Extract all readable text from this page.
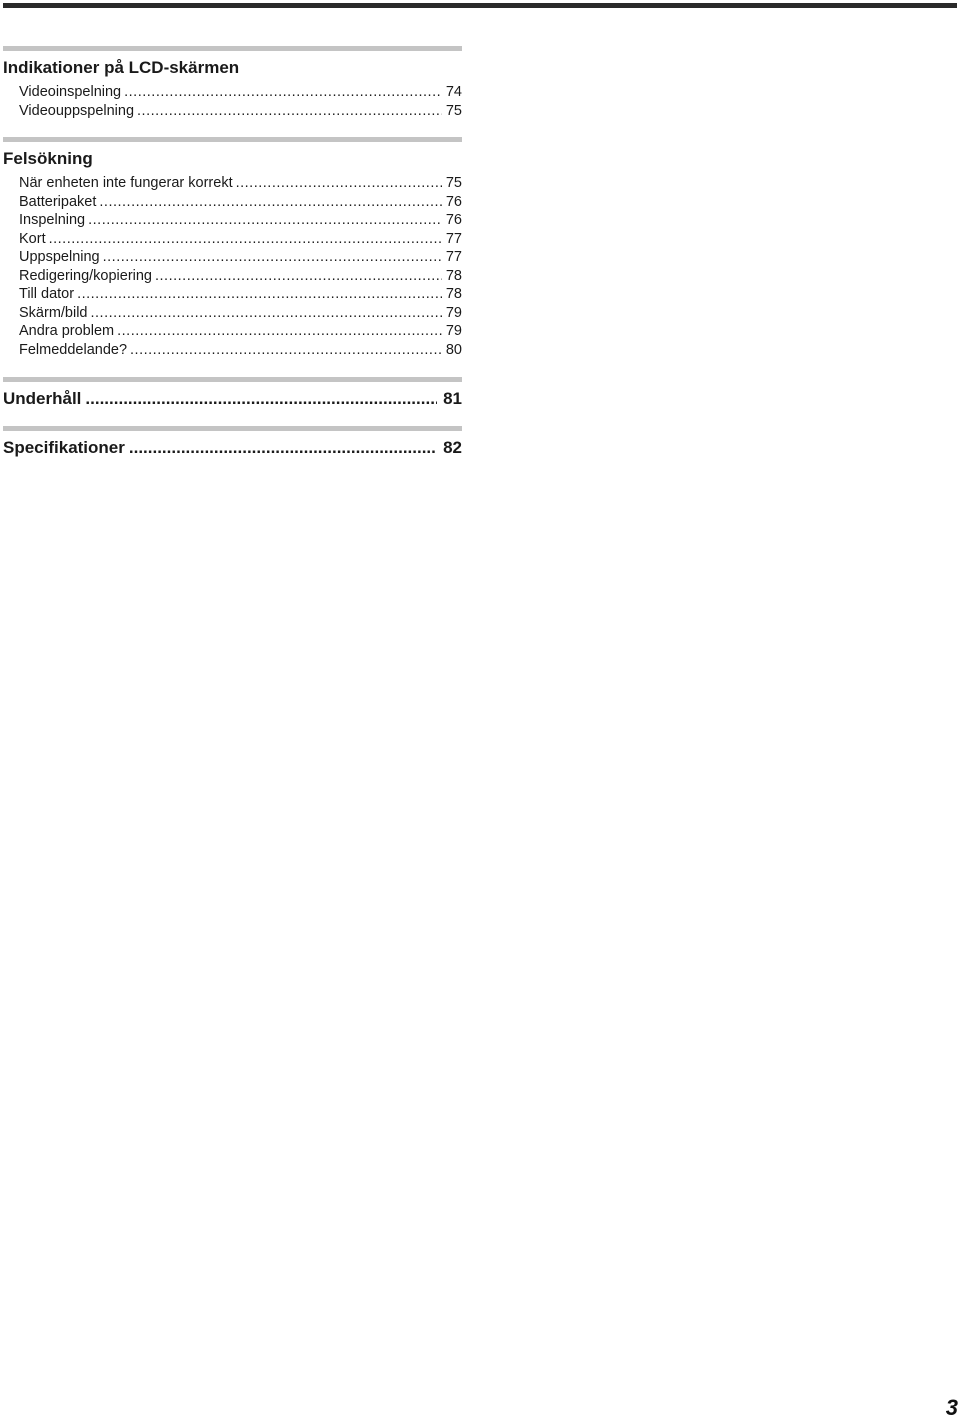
Indikationer på LCD-skärmen
Videoinspelning .....	74
Videouppspelning .....	75
Felsökning
När enheten inte fungerar korrekt .....	75
Batteripaket .....	76
Inspelning .....	76
Kort .....	77
Uppspelning .....	77
Redigering/kopiering .....	78
Till dator .....	78
Skärm/bild .....	79
Andra problem .....	79
Felmeddelande? .....	80
Underhåll .....	81
Specifikationer .....	82
3
